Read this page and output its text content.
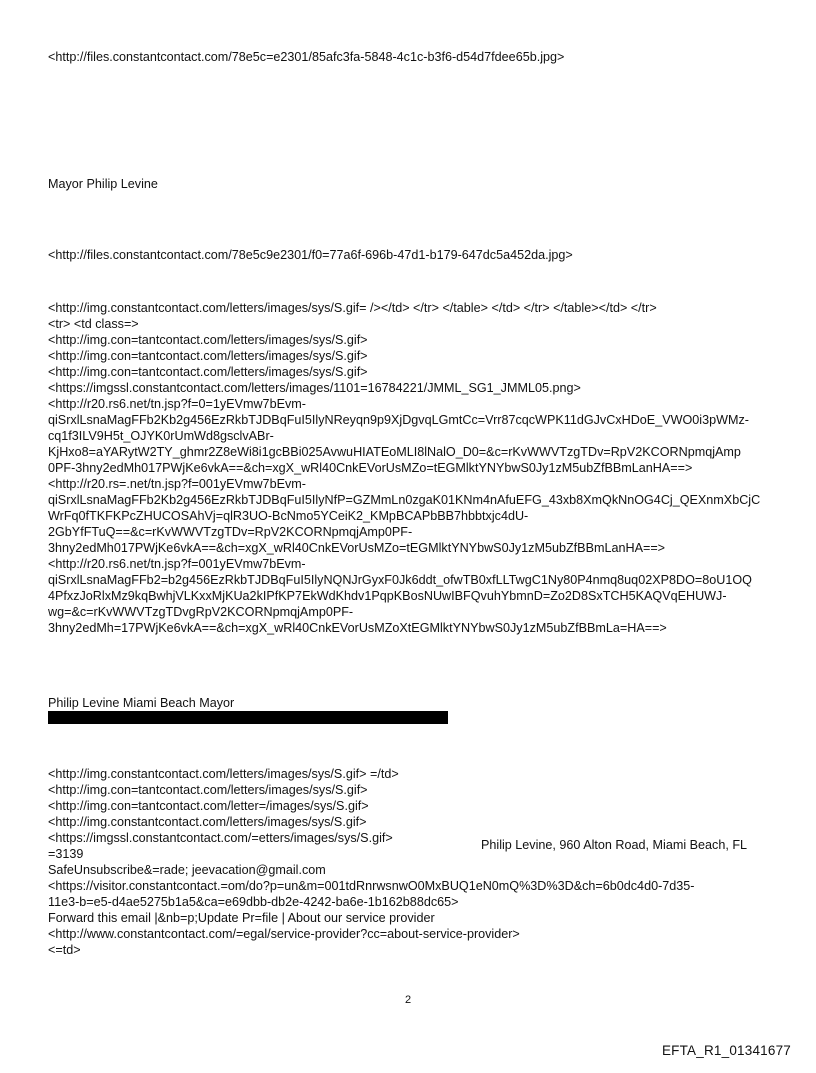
<http://files.constantcontact.com/78e5c=e2301/85afc3fa-5848-4c1c-b3f6-d54d7fdee65b.jpg>
Mayor Philip Levine
<http://files.constantcontact.com/78e5c9e2301/f0=77a6f-696b-47d1-b179-647dc5a452da.jpg>
<http://img.constantcontact.com/letters/images/sys/S.gif= /></td> </tr> </table> </td> </tr> </table></td> </tr>
<tr> <td class=>
<http://img.con=tantcontact.com/letters/images/sys/S.gif>
<http://img.con=tantcontact.com/letters/images/sys/S.gif>
<http://img.con=tantcontact.com/letters/images/sys/S.gif>
<https://imgssl.constantcontact.com/letters/images/1101=16784221/JMML_SG1_JMML05.png>
<http://r20.rs6.net/tn.jsp?f=0=1yEVmw7bEvm-
qiSrxlLsnaMagFFb2Kb2g456EzRkbTJDBqFuI5IlyNReyqn9p9XjDgvqLGmtCc=Vrr87cqcWPK11dGJvCxHDoE_VWO0i3pWMz-
cq1f3ILV9H5t_OJYK0rUmWd8gsclvABr-
KjHxo8=aYARytW2TY_ghmr2Z8eWi8i1gcBBi025AvwuHIATEoMLI8lNalO_D0=&c=rKvWWVTzgTDv=RpV2KCORNpmqjAmp
0PF-3hny2edMh017PWjKe6vkA==&ch=xgX_wRl40CnkEVorUsMZo=tEGMlktYNYbwS0Jy1zM5ubZfBBmLanHA==>
<http://r20.rs=.net/tn.jsp?f=001yEVmw7bEvm-
qiSrxlLsnaMagFFb2Kb2g456EzRkbTJDBqFuI5IlyNfP=GZMmLn0zgaK01KNm4nAfuEFG_43xb8XmQkNnOG4Cj_QEXnmXbCjC
WrFq0fTKFKPcZHUCOSAhVj=qlR3UO-BcNmo5YCeiK2_KMpBCAPbBB7hbbtxjc4dU-
2GbYfFTuQ==&c=rKvWWVTzgTDv=RpV2KCORNpmqjAmp0PF-
3hny2edMh017PWjKe6vkA==&ch=xgX_wRl40CnkEVorUsMZo=tEGMlktYNYbwS0Jy1zM5ubZfBBmLanHA==>
<http://r20.rs6.net/tn.jsp?f=001yEVmw7bEvm-
qiSrxlLsnaMagFFb2=b2g456EzRkbTJDBqFuI5IlyNQNJrGyxF0Jk6ddt_ofwTB0xfLLTwgC1Ny80P4nmq8uq02XP8DO=8oU1OQ
4PfxzJoRlxMz9kqBwhjVLKxxMjKUa2kIPfKP7EkWdKhdv1PqpKBosNUwIBFQvuhYbmnD=Zo2D8SxTCH5KAQVqEHUWJ-
wg=&c=rKvWWVTzgTDvgRpV2KCORNpmqjAmp0PF-
3hny2edMh=17PWjKe6vkA==&ch=xgX_wRl40CnkEVorUsMZoXtEGMlktYNYbwS0Jy1zM5ubZfBBmLa=HA==>
Philip Levine Miami Beach Mayor
<http://img.constantcontact.com/letters/images/sys/S.gif> =/td>
<http://img.con=tantcontact.com/letters/images/sys/S.gif>
<http://img.con=tantcontact.com/letter=/images/sys/S.gif>
<http://img.constantcontact.com/letters/images/sys/S.gif>
<https://imgssl.constantcontact.com/=etters/images/sys/S.gif>
=3139
SafeUnsubscribe&=rade; jeevacation@gmail.com
<https://visitor.constantcontact.=om/do?p=un&m=001tdRnrwsnwO0MxBUQ1eN0mQ%3D%3D&ch=6b0dc4d0-7d35-
11e3-b=e5-d4ae5275b1a5&ca=e69dbb-db2e-4242-ba6e-1b162b88dc65>
Forward this email |&nb=p;Update Pr=file | About our service provider
<http://www.constantcontact.com/=egal/service-provider?cc=about-service-provider>
<=td>
Philip Levine, 960 Alton Road, Miami Beach, FL
2
EFTA_R1_01341677
